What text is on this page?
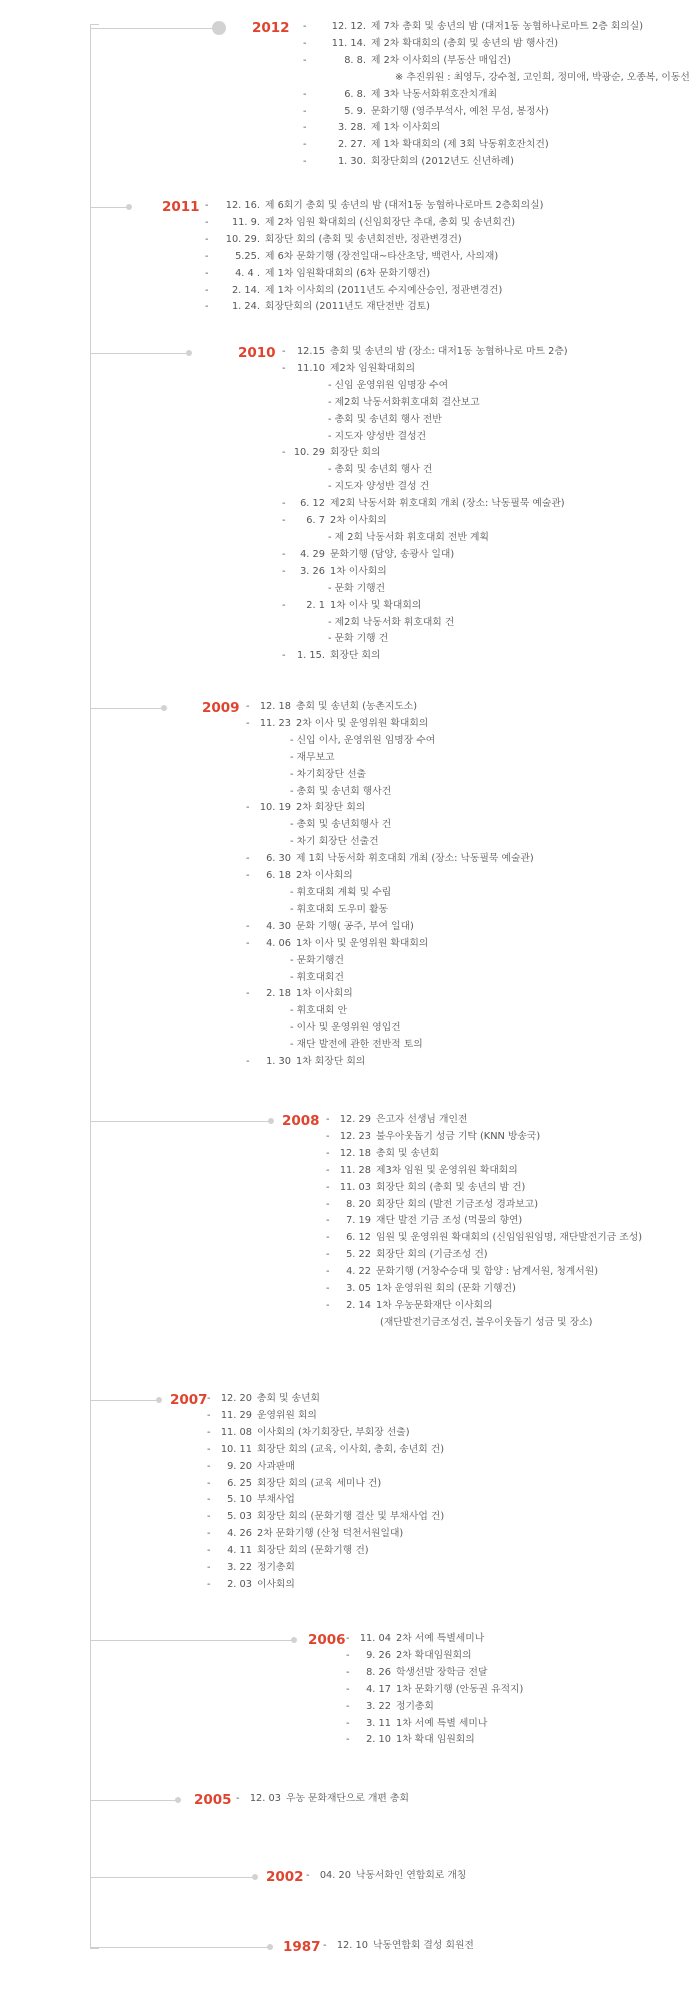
2012 -	12. 12. 제 7차 총회 및 송년의 밤 (대저1동 농협하나로마트 2층 회의실)
-	11. 14. 제 2차 확대회의 (총회 및 송년의 밤 행사건)
-	8. 8. 제 2차 이사회의 (부동산 매입건)
※ 추진위원 : 최영두, 강수철, 고인희, 정미애, 박광순, 오종복, 이동선
-	6. 8. 제 3차 낙동서화휘호잔치개최
-	5. 9. 문화기행 (영주부석사, 예천 무섬, 봉정사)
-	3. 28. 제 1차 이사회의
-	2. 27. 제 1차 확대회의 (제 3회 낙동휘호잔치건)
-	1. 30. 회장단회의 (2012년도 신년하례)
2011 - 12. 16. 제 6회기 총회 및 송년의 밤 (대저1동 농협하나로마트 2층회의실)
- 11. 9. 제 2차 임원 확대회의 (신임회장단 추대, 총회 및 송년회건)
- 10. 29. 회장단 회의 (총회 및 송년회전반, 정관변경건)
-	5.25. 제 6차 문화기행 (장전일대~타산초당, 백련사, 사의재)
-	4. 4 . 제 1차 임원확대회의 (6차 문화기행건)
- 2. 14. 제 1차 이사회의 (2011년도 수지예산승인, 정관변경건)
- 1. 24. 회장단회의 (2011년도 재단전반 검토)
2010 - 12.15 총회 및 송년의 밤 (장소: 대저1동 농협하나로 마트 2층)
- 11.10 제2차 임원확대회의
- 신임 운영위원 임명장 수여
- 제2회 낙동서화휘호대회 결산보고
- 총회 및 송년회 행사 전반
- 지도자 양성반 결성건
- 10. 29 회장단 회의
- 총회 및 송년회 행사 건
- 지도자 양성반 결성 건
- 6. 12 제2회 낙동서화 휘호대회 개최 (장소: 낙동필묵 예술관)
- 6. 7 2차 이사회의
- 제 2회 낙동서화 휘호대회 전반 계획
- 4. 29 문화기행 (담양, 송광사 일대)
- 3. 26 1차 이사회의
- 문화 기행건
- 2. 1 1차 이사 및 확대회의
- 제2회 낙동서화 휘호대회 건
- 문화 기행 건
- 1. 15. 회장단 회의
2009 - 12. 18 총회 및 송년회 (농촌지도소)
- 11. 23 2차 이사 및 운영위원 확대회의
- 신입 이사, 운영위원 임명장 수여
- 재무보고
- 차기회장단 선출
- 총회 및 송년회 행사건
- 10. 19 2차 회장단 회의
- 총회 및 송년회행사 건
- 차기 회장단 선출건
- 6. 30 제 1회 낙동서화 휘호대회 개최 (장소: 낙동필묵 예술관)
- 6. 18 2차 이사회의
- 휘호대회 계획 및 수립
- 휘호대회 도우미 활동
- 4. 30 문화 기행( 공주, 부여 일대)
- 4. 06 1차 이사 및 운영위원 확대회의
- 문화기행건
- 휘호대회건
- 2. 18 1차 이사회의
- 휘호대회 안
- 이사 및 운영위원 영입건
- 재단 발전에 관한 전반적 토의
- 1. 30 1차 회장단 회의
2008 - 12. 29 은고자 선생님 개인전
- 12. 23 불우아웃돕기 성금 기탁 (KNN 방송국)
- 12. 18 총회 및 송년회
- 11. 28 제3차 임원 및 운영위원 확대회의
- 11. 03 회장단 회의 (총회 및 송년의 밤 건)
- 8. 20 회장단 회의 (발전 기금조성 경과보고)
- 7. 19 재단 발전 기금 조성 (먹물의 향연)
- 6. 12 임원 및 운영위원 확대회의 (신임임원임명, 재단발전기금 조성)
- 5. 22 회장단 회의 (기금조성 건)
- 4. 22 문화기행 (거창수승대 및 함양 : 남계서원, 청계서원)
- 3. 05 1차 운영위원 회의 (문화 기행건)
- 2. 14 1차 우농문화재단 이사회의
(재단발전기금조성건, 불우이웃돕기 성금 및 장소)
2007 - 12. 20 총회 및 송년회
- 11. 29 운영위원 회의
- 11. 08 이사회의 (차기회장단, 부회장 선출)
- 10. 11 회장단 회의 (교육, 이사회, 총회, 송년회 건)
- 9. 20 사과판매
- 6. 25 회장단 회의 (교육 세미나 건)
- 5. 10 부채사업
- 5. 03 회장단 회의 (문화기행 결산 및 부채사업 건)
- 4. 26 2차 문화기행 (산청 덕천서원일대)
- 4. 11 회장단 회의 (문화기행 건)
- 3. 22 정기총회
- 2. 03 이사회의
2006 - 11. 04 2차 서예 특별세미나
- 9. 26 2차 확대임원회의
- 8. 26 학생선발 장학금 전달
- 4. 17 1차 문화기행 (안동권 유적지)
- 3. 22 정기총회
- 3. 11 1차 서예 특별 세미나
- 2. 10 1차 확대 임원회의
2005 - 12. 03 우농 문화재단으로 개편 총회
2002 - 04. 20 낙동서화인 연합회로 개칭
1987 - 12. 10 낙동연합회 결성 회원전
